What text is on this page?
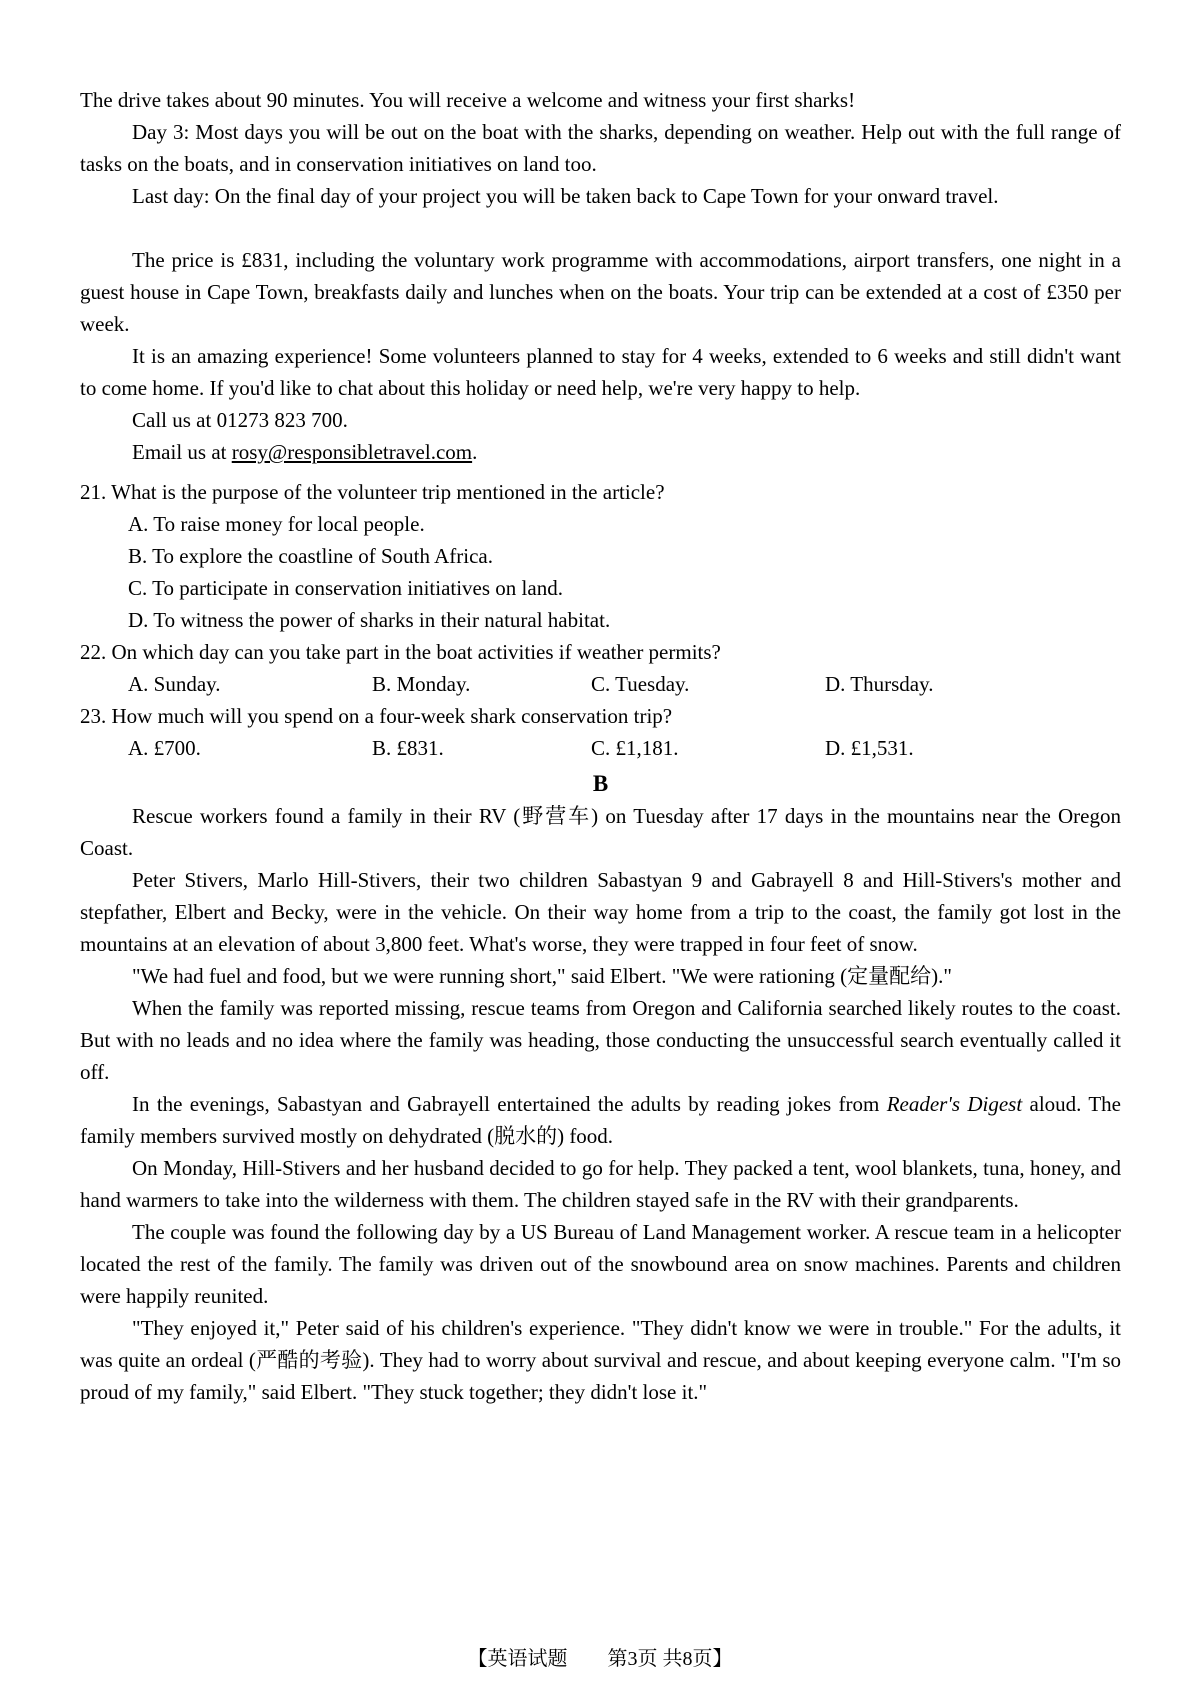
The drive takes about 90 minutes. You will receive a welcome and witness your first sharks!

Day 3: Most days you will be out on the boat with the sharks, depending on weather. Help out with the full range of tasks on the boats, and in conservation initiatives on land too.

Last day: On the final day of your project you will be taken back to Cape Town for your onward travel.

The price is £831, including the voluntary work programme with accommodations, airport transfers, one night in a guest house in Cape Town, breakfasts daily and lunches when on the boats. Your trip can be extended at a cost of £350 per week.

It is an amazing experience! Some volunteers planned to stay for 4 weeks, extended to 6 weeks and still didn't want to come home. If you'd like to chat about this holiday or need help, we're very happy to help.

Call us at 01273 823 700.

Email us at rosy@responsibletravel.com.

21. What is the purpose of the volunteer trip mentioned in the article?

A. To raise money for local people.

B. To explore the coastline of South Africa.

C. To participate in conservation initiatives on land.

D. To witness the power of sharks in their natural habitat.

22. On which day can you take part in the boat activities if weather permits?

A. Sunday.	B. Monday.	C. Tuesday.	D. Thursday.

23. How much will you spend on a four-week shark conservation trip?

A. £700.	B. £831.	C. £1,181.	D. £1,531.

B

Rescue workers found a family in their RV (野营车) on Tuesday after 17 days in the mountains near the Oregon Coast.

Peter Stivers, Marlo Hill-Stivers, their two children Sabastyan 9 and Gabrayell 8 and Hill-Stivers's mother and stepfather, Elbert and Becky, were in the vehicle. On their way home from a trip to the coast, the family got lost in the mountains at an elevation of about 3,800 feet. What's worse, they were trapped in four feet of snow.

"We had fuel and food, but we were running short," said Elbert. "We were rationing (定量配给)."

When the family was reported missing, rescue teams from Oregon and California searched likely routes to the coast. But with no leads and no idea where the family was heading, those conducting the unsuccessful search eventually called it off.

In the evenings, Sabastyan and Gabrayell entertained the adults by reading jokes from Reader's Digest aloud. The family members survived mostly on dehydrated (脱水的) food.

On Monday, Hill-Stivers and her husband decided to go for help. They packed a tent, wool blankets, tuna, honey, and hand warmers to take into the wilderness with them. The children stayed safe in the RV with their grandparents.

The couple was found the following day by a US Bureau of Land Management worker. A rescue team in a helicopter located the rest of the family. The family was driven out of the snowbound area on snow machines. Parents and children were happily reunited.

"They enjoyed it," Peter said of his children's experience. "They didn't know we were in trouble." For the adults, it was quite an ordeal (严酷的考验). They had to worry about survival and rescue, and about keeping everyone calm. "I'm so proud of my family," said Elbert. "They stuck together; they didn't lose it."

【英语试题        第3页 共8页】
